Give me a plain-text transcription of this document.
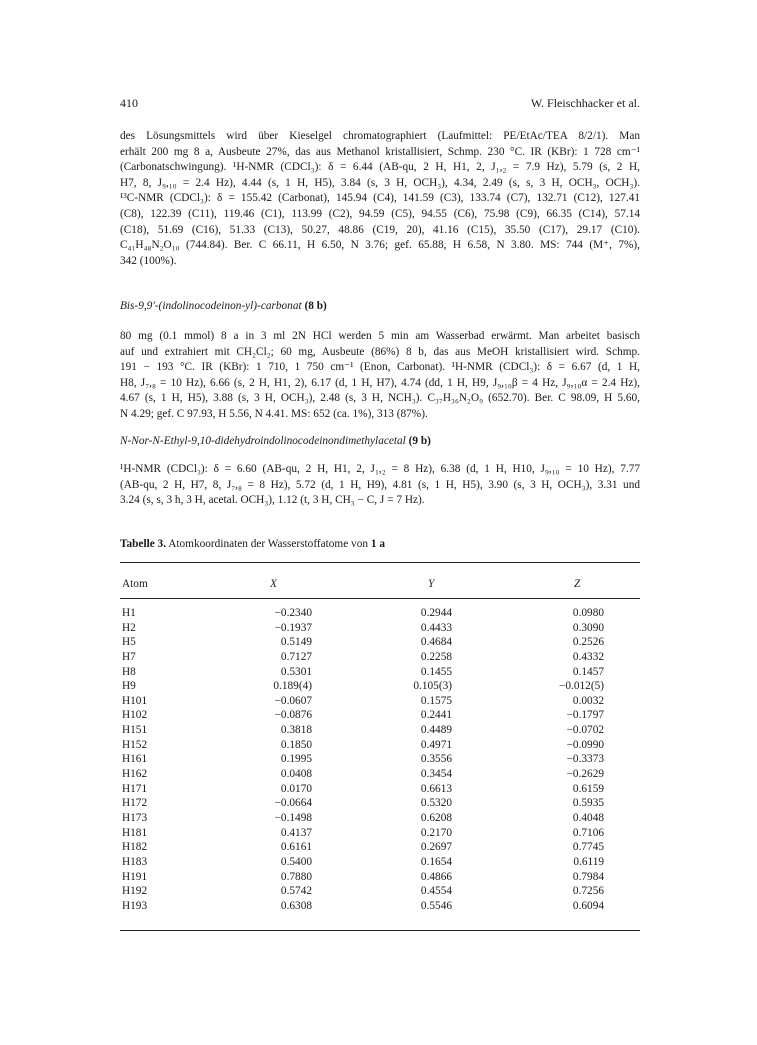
410	W. Fleischhacker et al.
des Lösungsmittels wird über Kieselgel chromatographiert (Laufmittel: PE/EtAc/TEA 8/2/1). Man
erhält 200 mg 8 a, Ausbeute 27%, das aus Methanol kristallisiert, Schmp. 230 °C. IR (KBr): 1 728 cm⁻¹
(Carbonatschwingung). ¹H-NMR (CDCl₃): δ = 6.44 (AB-qu, 2 H, H1, 2, J₁,₂ = 7.9 Hz), 5.79 (s, 2 H,
H7, 8, J₉,₁₀ = 2.4 Hz), 4.44 (s, 1 H, H5), 3.84 (s, 3 H, OCH₃), 4.34, 2.49 (s, s, 3 H, OCH₃, OCH₃).
¹³C-NMR (CDCl₃): δ = 155.42 (Carbonat), 145.94 (C4), 141.59 (C3), 133.74 (C7), 132.71 (C12), 127.41
(C8), 122.39 (C11), 119.46 (C1), 113.99 (C2), 94.59 (C5), 94.55 (C6), 75.98 (C9), 66.35 (C14), 57.14
(C18), 51.69 (C16), 51.33 (C13), 50.27, 48.86 (C19, 20), 41.16 (C15), 35.50 (C17), 29.17 (C10).
C₄₁H₄₈N₂O₁₀ (744.84). Ber. C 66.11, H 6.50, N 3.76; gef. 65.88, H 6.58, N 3.80. MS: 744 (M⁺, 7%),
342 (100%).
Bis-9,9′-(indolinocodeinon-yl)-carbonat (8 b)
80 mg (0.1 mmol) 8 a in 3 ml 2N HCl werden 5 min am Wasserbad erwärmt. Man arbeitet basisch
auf und extrahiert mit CH₂Cl₂; 60 mg, Ausbeute (86%) 8 b, das aus MeOH kristallisiert wird. Schmp.
191 − 193 °C. IR (KBr): 1 710, 1 750 cm⁻¹ (Enon, Carbonat). ¹H-NMR (CDCl₃): δ = 6.67 (d, 1 H,
H8, J₇,₈ = 10 Hz), 6.66 (s, 2 H, H1, 2), 6.17 (d, 1 H, H7), 4.74 (dd, 1 H, H9, J₉,₁₀β = 4 Hz, J₉,₁₀α = 2.4 Hz),
4.67 (s, 1 H, H5), 3.88 (s, 3 H, OCH₃), 2.48 (s, 3 H, NCH₃). C₃₇H₃₆N₂O₉ (652.70). Ber. C 98.09, H 5.60,
N 4.29; gef. C 97.93, H 5.56, N 4.41. MS: 652 (ca. 1%), 313 (87%).
N-Nor-N-Ethyl-9,10-didehydroindolinocodeinondimethylacetal (9 b)
¹H-NMR (CDCl₃): δ = 6.60 (AB-qu, 2 H, H1, 2, J₁,₂ = 8 Hz), 6.38 (d, 1 H, H10, J₉,₁₀ = 10 Hz), 7.77
(AB-qu, 2 H, H7, 8, J₇,₈ = 8 Hz), 5.72 (d, 1 H, H9), 4.81 (s, 1 H, H5), 3.90 (s, 3 H, OCH₃), 3.31 und
3.24 (s, s, 3 h, 3 H, acetal. OCH₃), 1.12 (t, 3 H, CH₃ − C, J = 7 Hz).
Tabelle 3. Atomkoordinaten der Wasserstoffatome von 1 a
Atom	X	Y	Z
H1	−0.2340	0.2944	0.0980
H2	−0.1937	0.4433	0.3090
H5	0.5149	0.4684	0.2526
H7	0.7127	0.2258	0.4332
H8	0.5301	0.1455	0.1457
H9	0.189(4)	0.105(3)	−0.012(5)
H101	−0.0607	0.1575	0.0032
H102	−0.0876	0.2441	−0.1797
H151	0.3818	0.4489	−0.0702
H152	0.1850	0.4971	−0.0990
H161	0.1995	0.3556	−0.3373
H162	0.0408	0.3454	−0.2629
H171	0.0170	0.6613	0.6159
H172	−0.0664	0.5320	0.5935
H173	−0.1498	0.6208	0.4048
H181	0.4137	0.2170	0.7106
H182	0.6161	0.2697	0.7745
H183	0.5400	0.1654	0.6119
H191	0.7880	0.4866	0.7984
H192	0.5742	0.4554	0.7256
H193	0.6308	0.5546	0.6094
